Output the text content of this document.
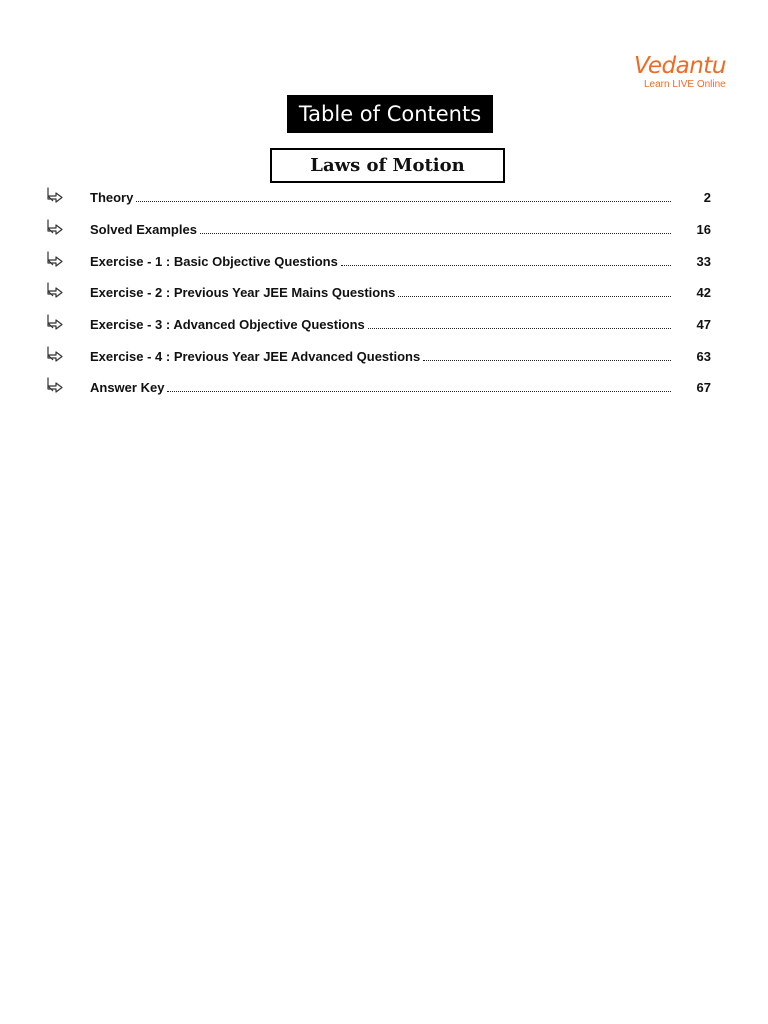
Vedantu
Learn LIVE Online
Table of Contents
Laws of Motion
Theory	2
Solved Examples	16
Exercise - 1 : Basic Objective Questions	33
Exercise - 2 : Previous Year JEE Mains Questions	42
Exercise - 3 : Advanced Objective Questions	47
Exercise - 4 : Previous Year JEE Advanced Questions	63
Answer Key	67
